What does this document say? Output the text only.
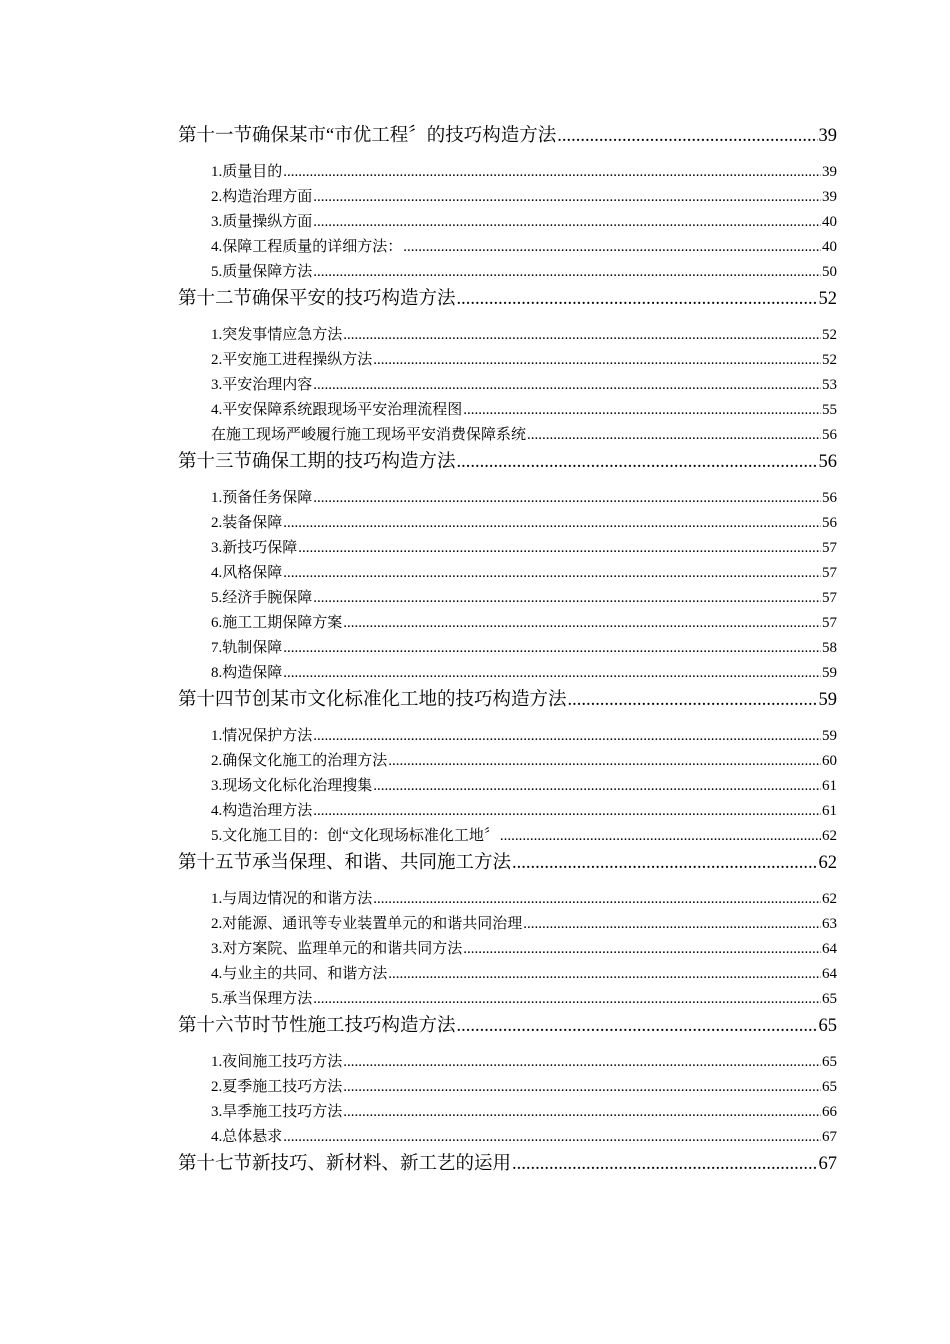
第十一节确保某市“市优工程〞的技巧构造方法 .....	39
1.质量目的 .....	39
2.构造治理方面 .....	39
3.质量操纵方面 .....	40
4.保障工程质量的详细方法： .....	40
5.质量保障方法 .....	50
第十二节确保平安的技巧构造方法 .....	52
1.突发事情应急方法 .....	52
2.平安施工进程操纵方法 .....	52
3.平安治理内容 .....	53
4.平安保障系统跟现场平安治理流程图 .....	55
在施工现场严峻履行施工现场平安消费保障系统 .....	56
第十三节确保工期的技巧构造方法 .....	56
1.预备任务保障 .....	56
2.装备保障 .....	56
3.新技巧保障 .....	57
4.风格保障 .....	57
5.经济手腕保障 .....	57
6.施工工期保障方案 .....	57
7.轨制保障 .....	58
8.构造保障 .....	59
第十四节创某市文化标准化工地的技巧构造方法 .....	59
1.情况保护方法 .....	59
2.确保文化施工的治理方法 .....	60
3.现场文化标化治理搜集 .....	61
4.构造治理方法 .....	61
5.文化施工目的：创“文化现场标准化工地〞 .....	62
第十五节承当保理、和谐、共同施工方法 .....	62
1.与周边情况的和谐方法 .....	62
2.对能源、通讯等专业装置单元的和谐共同治理 .....	63
3.对方案院、监理单元的和谐共同方法 .....	64
4.与业主的共同、和谐方法 .....	64
5.承当保理方法 .....	65
第十六节时节性施工技巧构造方法 .....	65
1.夜间施工技巧方法 .....	65
2.夏季施工技巧方法 .....	65
3.旱季施工技巧方法 .....	66
4.总体悬求 .....	67
第十七节新技巧、新材料、新工艺的运用 .....	67
